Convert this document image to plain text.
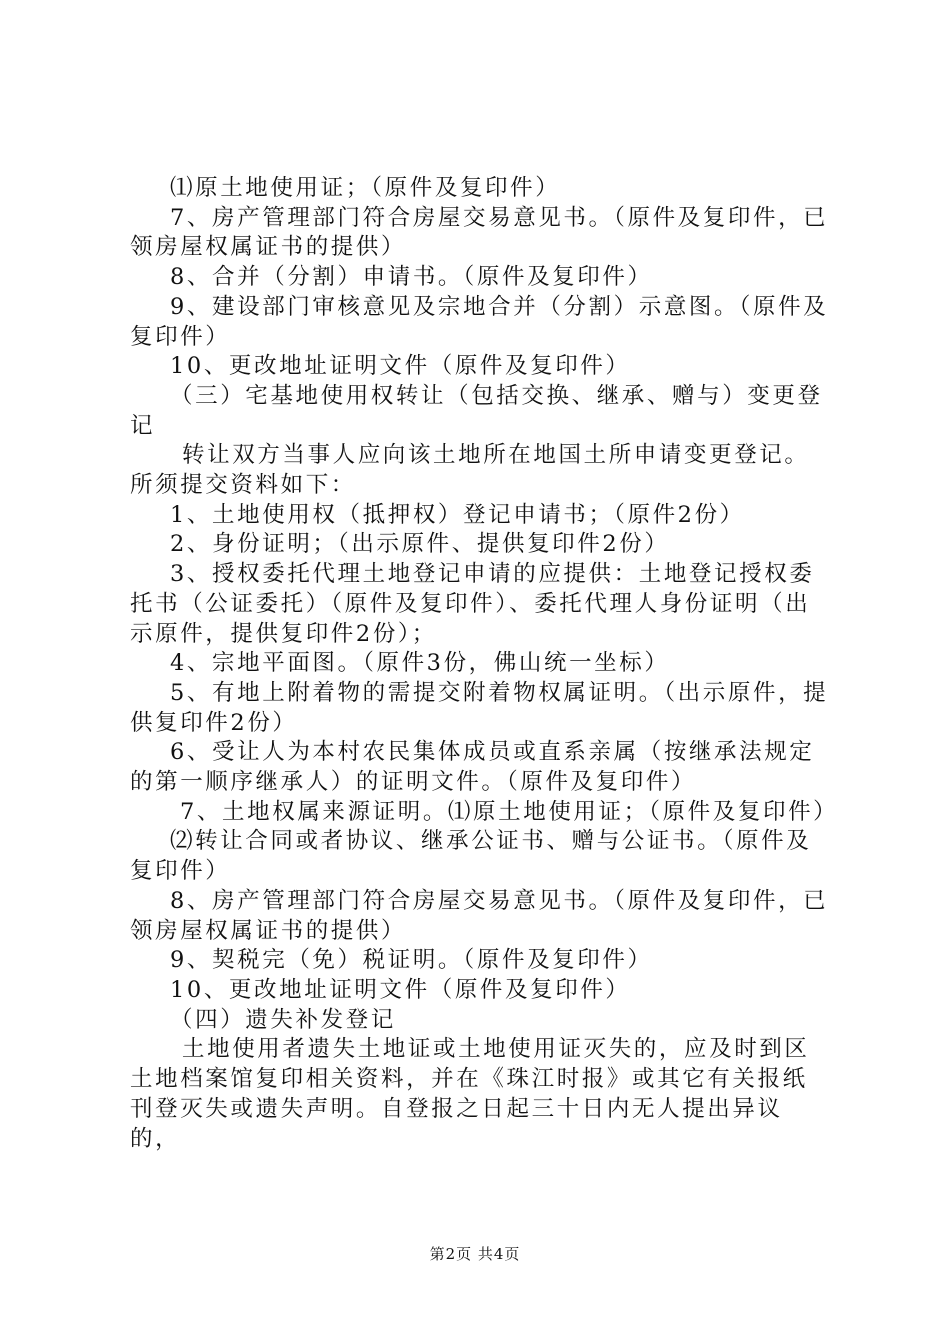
⑴原土地使用证；（原件及复印件）

7、房产管理部门符合房屋交易意见书。（原件及复印件，已领房屋权属证书的提供）

8、合并（分割）申请书。（原件及复印件）

9、建设部门审核意见及宗地合并（分割）示意图。（原件及复印件）

10、更改地址证明文件（原件及复印件）

（三）宅基地使用权转让（包括交换、继承、赠与）变更登记

转让双方当事人应向该土地所在地国土所申请变更登记。所须提交资料如下：

1、土地使用权（抵押权）登记申请书；（原件2份）

2、身份证明；（出示原件、提供复印件2份）

3、授权委托代理土地登记申请的应提供：土地登记授权委托书（公证委托）（原件及复印件）、委托代理人身份证明（出示原件，提供复印件2份）；

4、宗地平面图。（原件3份，佛山统一坐标）

5、有地上附着物的需提交附着物权属证明。（出示原件，提供复印件2份）

6、受让人为本村农民集体成员或直系亲属（按继承法规定的第一顺序继承人）的证明文件。（原件及复印件）

7、土地权属来源证明。⑴原土地使用证；（原件及复印件）

⑵转让合同或者协议、继承公证书、赠与公证书。（原件及复印件）

8、房产管理部门符合房屋交易意见书。（原件及复印件，已领房屋权属证书的提供）

9、契税完（免）税证明。（原件及复印件）

10、更改地址证明文件（原件及复印件）

（四）遗失补发登记

土地使用者遗失土地证或土地使用证灭失的，应及时到区土地档案馆复印相关资料，并在《珠江时报》或其它有关报纸刊登灭失或遗失声明。自登报之日起三十日内无人提出异议的，

第2页 共4页
